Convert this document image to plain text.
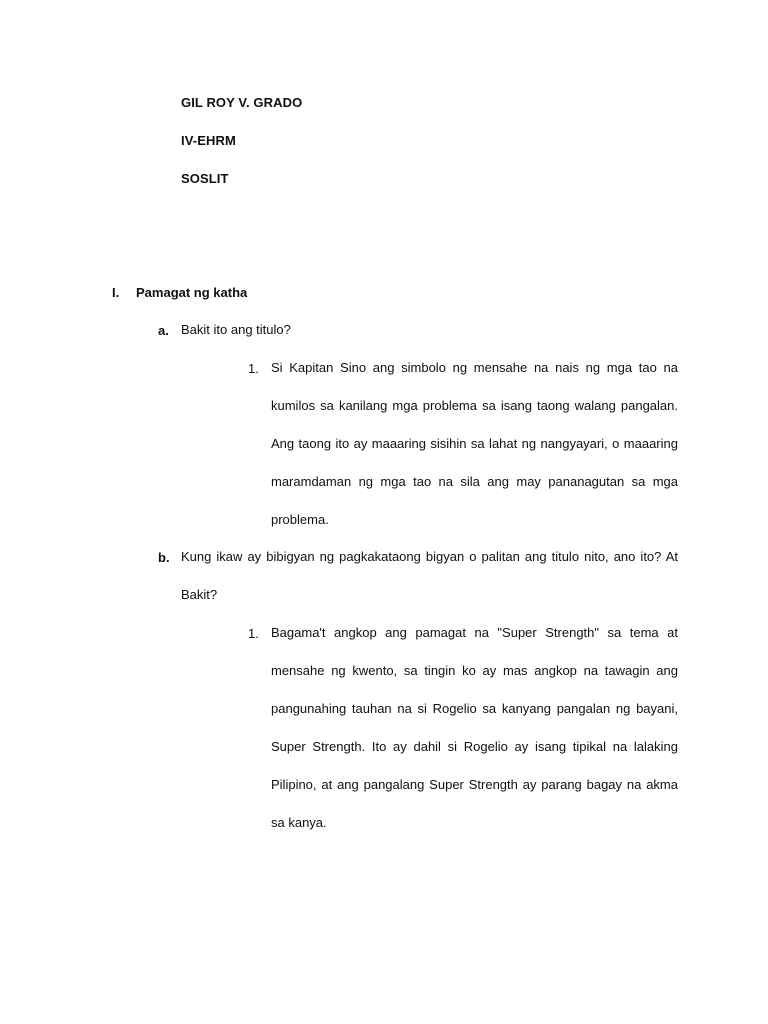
GIL ROY V. GRADO
IV-EHRM
SOSLIT
I. Pamagat ng katha
a. Bakit ito ang titulo?
1. Si Kapitan Sino ang simbolo ng mensahe na nais ng mga tao na kumilos sa kanilang mga problema sa isang taong walang pangalan. Ang taong ito ay maaaring sisihin sa lahat ng nangyayari, o maaaring maramdaman ng mga tao na sila ang may pananagutan sa mga problema.
b. Kung ikaw ay bibigyan ng pagkakataong bigyan o palitan ang titulo nito, ano ito? At Bakit?
1. Bagama't angkop ang pamagat na "Super Strength" sa tema at mensahe ng kwento, sa tingin ko ay mas angkop na tawagin ang pangunahing tauhan na si Rogelio sa kanyang pangalan ng bayani, Super Strength. Ito ay dahil si Rogelio ay isang tipikal na lalaking Pilipino, at ang pangalang Super Strength ay parang bagay na akma sa kanya.
